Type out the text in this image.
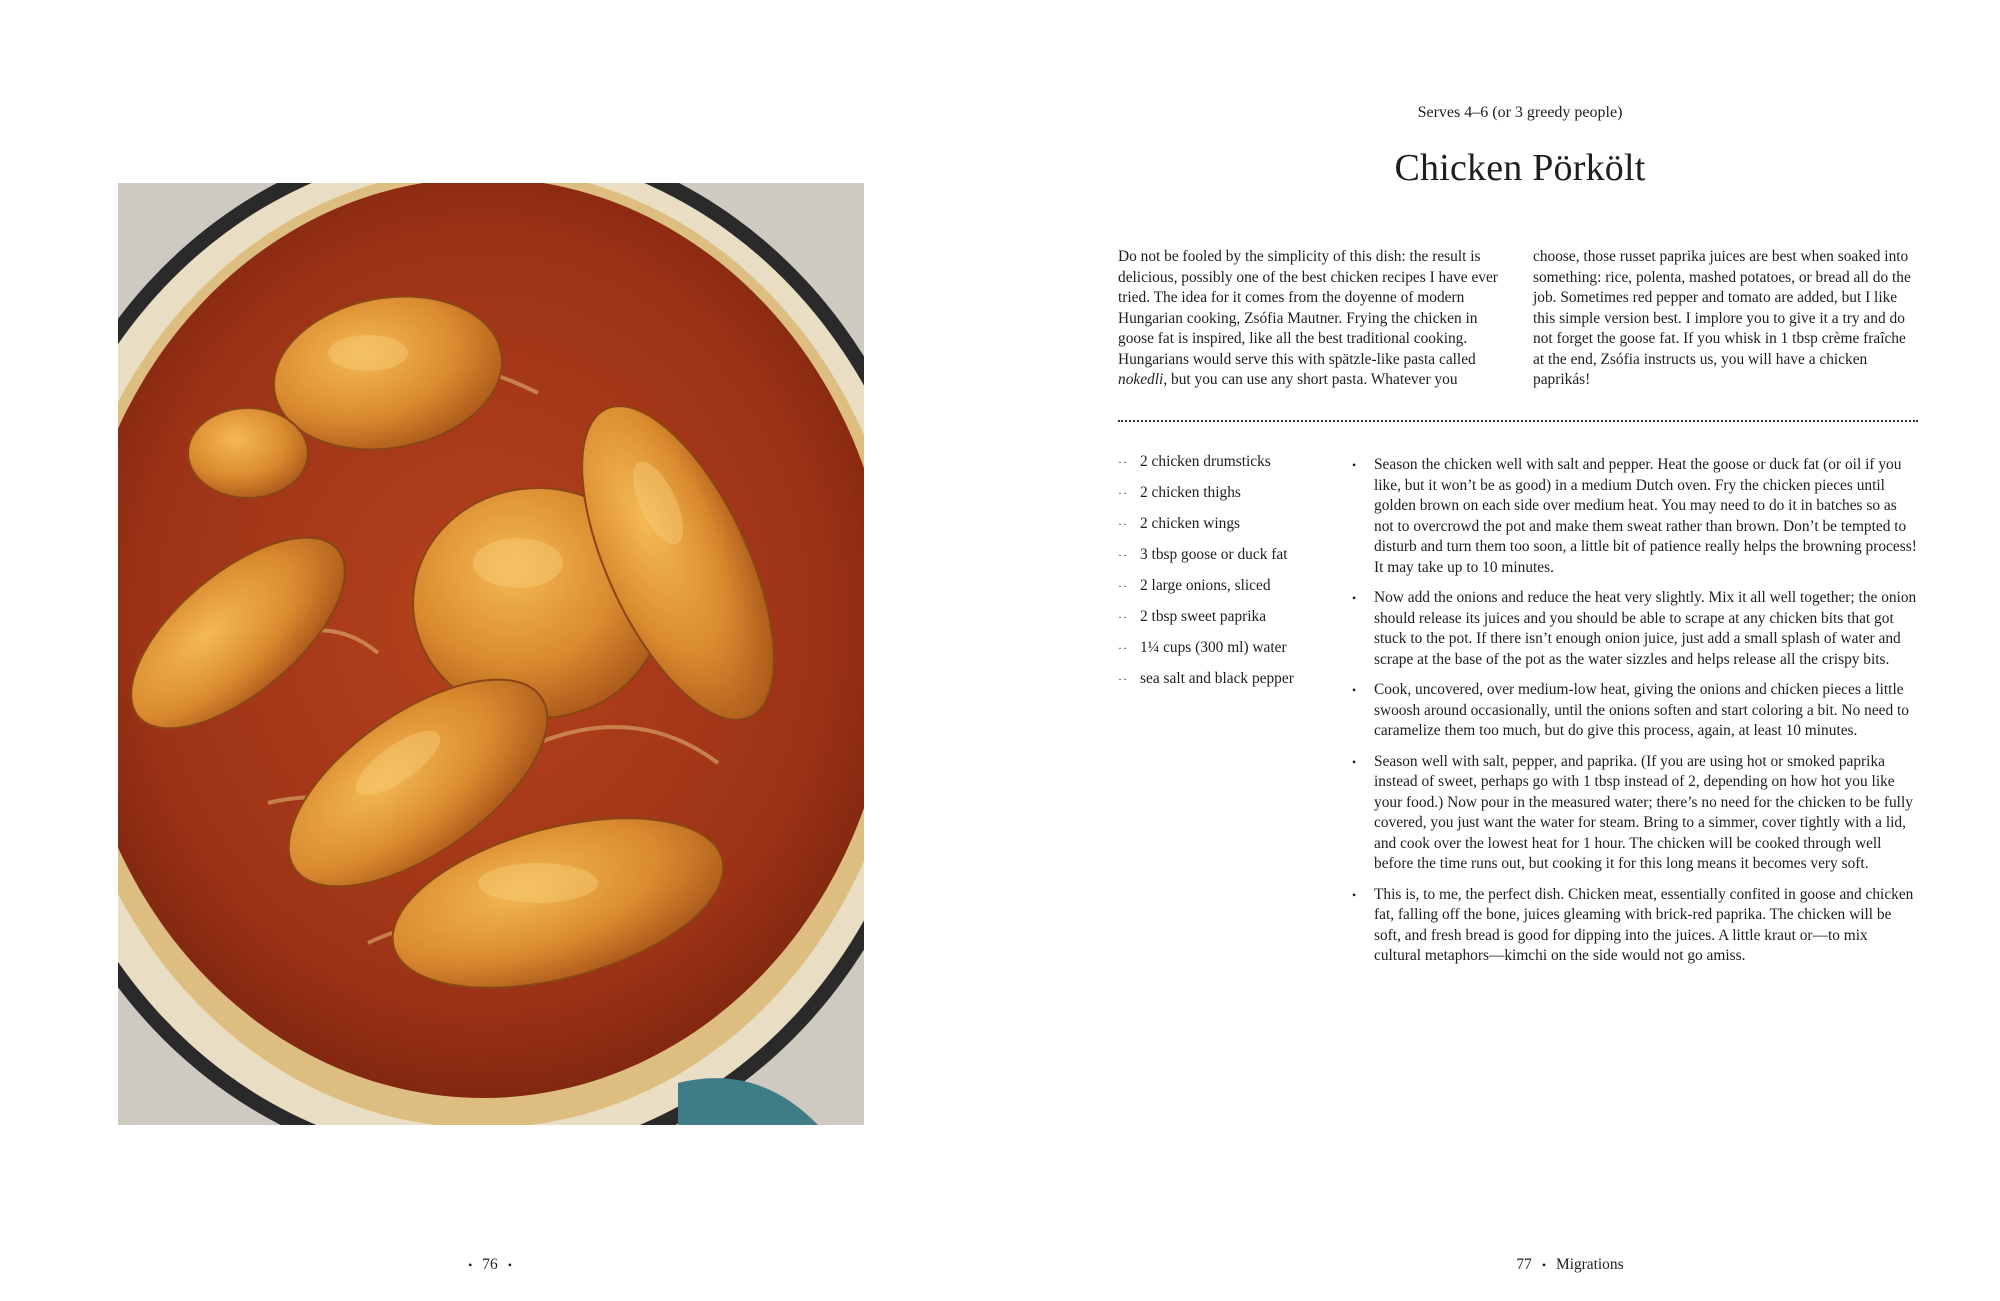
Serves 4–6 (or 3 greedy people)
Chicken Pörkölt

Do not be fooled by the simplicity of this dish: the result is delicious, possibly one of the best chicken recipes I have ever tried. The idea for it comes from the doyenne of modern Hungarian cooking, Zsófia Mautner. Frying the chicken in goose fat is inspired, like all the best traditional cooking. Hungarians would serve this with spätzle-like pasta called nokedli, but you can use any short pasta. Whatever you choose, those russet paprika juices are best when soaked into something: rice, polenta, mashed potatoes, or bread all do the job. Sometimes red pepper and tomato are added, but I like this simple version best. I implore you to give it a try and do not forget the goose fat. If you whisk in 1 tbsp crème fraîche at the end, Zsófia instructs us, you will have a chicken paprikás!

·· 2 chicken drumsticks
·· 2 chicken thighs
·· 2 chicken wings
·· 3 tbsp goose or duck fat
·· 2 large onions, sliced
·· 2 tbsp sweet paprika
·· 1¼ cups (300 ml) water
·· sea salt and black pepper
•	Season the chicken well with salt and pepper. Heat the goose or duck fat (or oil if you like, but it won’t be as good) in a medium Dutch oven. Fry the chicken pieces until golden brown on each side over medium heat. You may need to do it in batches so as not to overcrowd the pot and make them sweat rather than brown. Don’t be tempted to disturb and turn them too soon, a little bit of patience really helps the browning process! It may take up to 10 minutes.
•	Now add the onions and reduce the heat very slightly. Mix it all well together; the onion should release its juices and you should be able to scrape at any chicken bits that got stuck to the pot. If there isn’t enough onion juice, just add a small splash of water and scrape at the base of the pot as the water sizzles and helps release all the crispy bits.
•	Cook, uncovered, over medium-low heat, giving the onions and chicken pieces a little swoosh around occasionally, until the onions soften and start coloring a bit. No need to caramelize them too much, but do give this process, again, at least 10 minutes.
•	Season well with salt, pepper, and paprika. (If you are using hot or smoked paprika instead of sweet, perhaps go with 1 tbsp instead of 2, depending on how hot you like your food.) Now pour in the measured water; there’s no need for the chicken to be fully covered, you just want the water for steam. Bring to a simmer, cover tightly with a lid, and cook over the lowest heat for 1 hour. The chicken will be cooked through well before the time runs out, but cooking it for this long means it becomes very soft.
•	This is, to me, the perfect dish. Chicken meat, essentially confited in goose and chicken fat, falling off the bone, juices gleaming with brick-red paprika. The chicken will be soft, and fresh bread is good for dipping into the juices. A little kraut or—to mix cultural metaphors—kimchi on the side would not go amiss.
• 76 •	77 • Migrations
